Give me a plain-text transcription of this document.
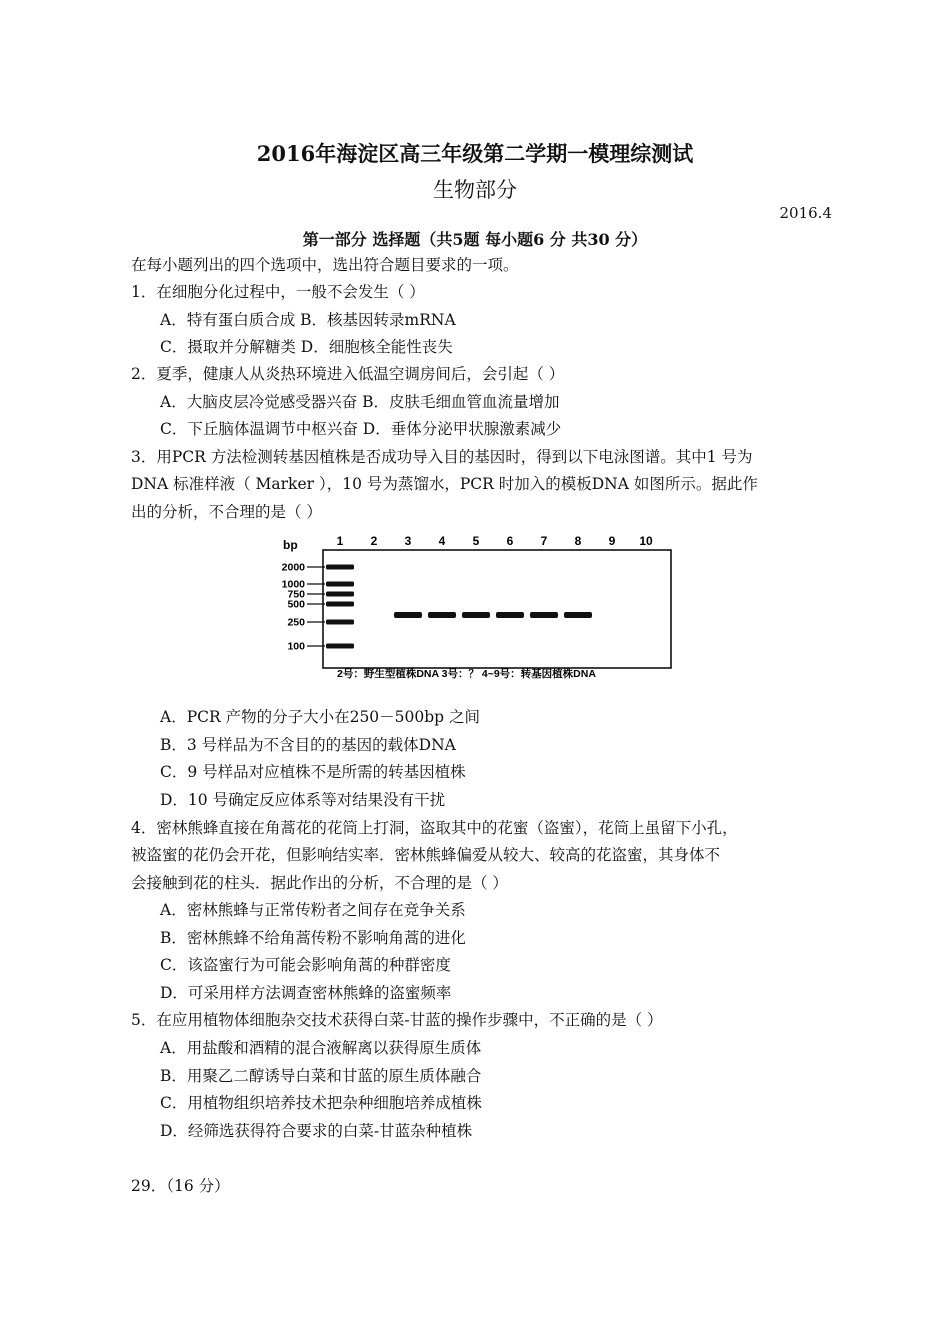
2016年海淀区高三年级第二学期一模理综测试
生物部分
2016.4
第一部分 选择题（共5题 每小题6 分 共30 分）
在每小题列出的四个选项中，选出符合题目要求的一项。
1．在细胞分化过程中，一般不会发生（ ）
A．特有蛋白质合成 B．核基因转录mRNA
C．摄取并分解糖类 D．细胞核全能性丧失
2．夏季，健康人从炎热环境进入低温空调房间后，会引起（ ）
A．大脑皮层冷觉感受器兴奋 B．皮肤毛细血管血流量增加
C．下丘脑体温调节中枢兴奋 D．垂体分泌甲状腺激素减少
3．用PCR 方法检测转基因植株是否成功导入目的基因时，得到以下电泳图谱。其中1 号为
DNA 标准样液（ Marker ），10 号为蒸馏水，PCR 时加入的模板DNA 如图所示。据此作
出的分析，不合理的是（ ）
bp	1 2 3 4 5 6 7 8 9 10
2000
1000
750
500
250
100
2号：野生型植株DNA 3号：？ 4~9号：转基因植株DNA
A．PCR 产物的分子大小在250－500bp 之间
B．3 号样品为不含目的的基因的载体DNA
C．9 号样品对应植株不是所需的转基因植株
D．10 号确定反应体系等对结果没有干扰
4．密林熊蜂直接在角蒿花的花筒上打洞，盗取其中的花蜜（盗蜜），花筒上虽留下小孔，
被盗蜜的花仍会开花，但影响结实率．密林熊蜂偏爱从较大、较高的花盗蜜，其身体不
会接触到花的柱头．据此作出的分析，不合理的是（ ）
A．密林熊蜂与正常传粉者之间存在竞争关系
B．密林熊蜂不给角蒿传粉不影响角蒿的进化
C．该盗蜜行为可能会影响角蒿的种群密度
D．可采用样方法调查密林熊蜂的盗蜜频率
5．在应用植物体细胞杂交技术获得白菜-甘蓝的操作步骤中，不正确的是（ ）
A．用盐酸和酒精的混合液解离以获得原生质体
B．用聚乙二醇诱导白菜和甘蓝的原生质体融合
C．用植物组织培养技术把杂种细胞培养成植株
D．经筛选获得符合要求的白菜-甘蓝杂种植株
29．（16 分）
